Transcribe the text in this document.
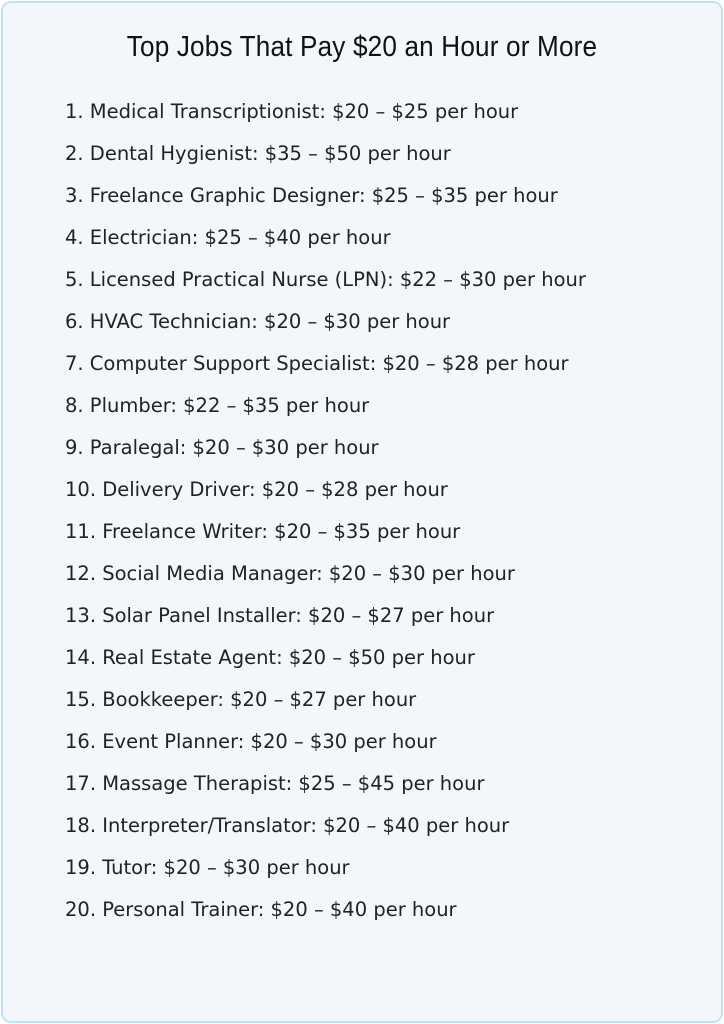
Top Jobs That Pay $20 an Hour or More
1. Medical Transcriptionist: $20 – $25 per hour
2. Dental Hygienist: $35 – $50 per hour
3. Freelance Graphic Designer: $25 – $35 per hour
4. Electrician: $25 – $40 per hour
5. Licensed Practical Nurse (LPN): $22 – $30 per hour
6. HVAC Technician: $20 – $30 per hour
7. Computer Support Specialist: $20 – $28 per hour
8. Plumber: $22 – $35 per hour
9. Paralegal: $20 – $30 per hour
10. Delivery Driver: $20 – $28 per hour
11. Freelance Writer: $20 – $35 per hour
12. Social Media Manager: $20 – $30 per hour
13. Solar Panel Installer: $20 – $27 per hour
14. Real Estate Agent: $20 – $50 per hour
15. Bookkeeper: $20 – $27 per hour
16. Event Planner: $20 – $30 per hour
17. Massage Therapist: $25 – $45 per hour
18. Interpreter/Translator: $20 – $40 per hour
19. Tutor: $20 – $30 per hour
20. Personal Trainer: $20 – $40 per hour
